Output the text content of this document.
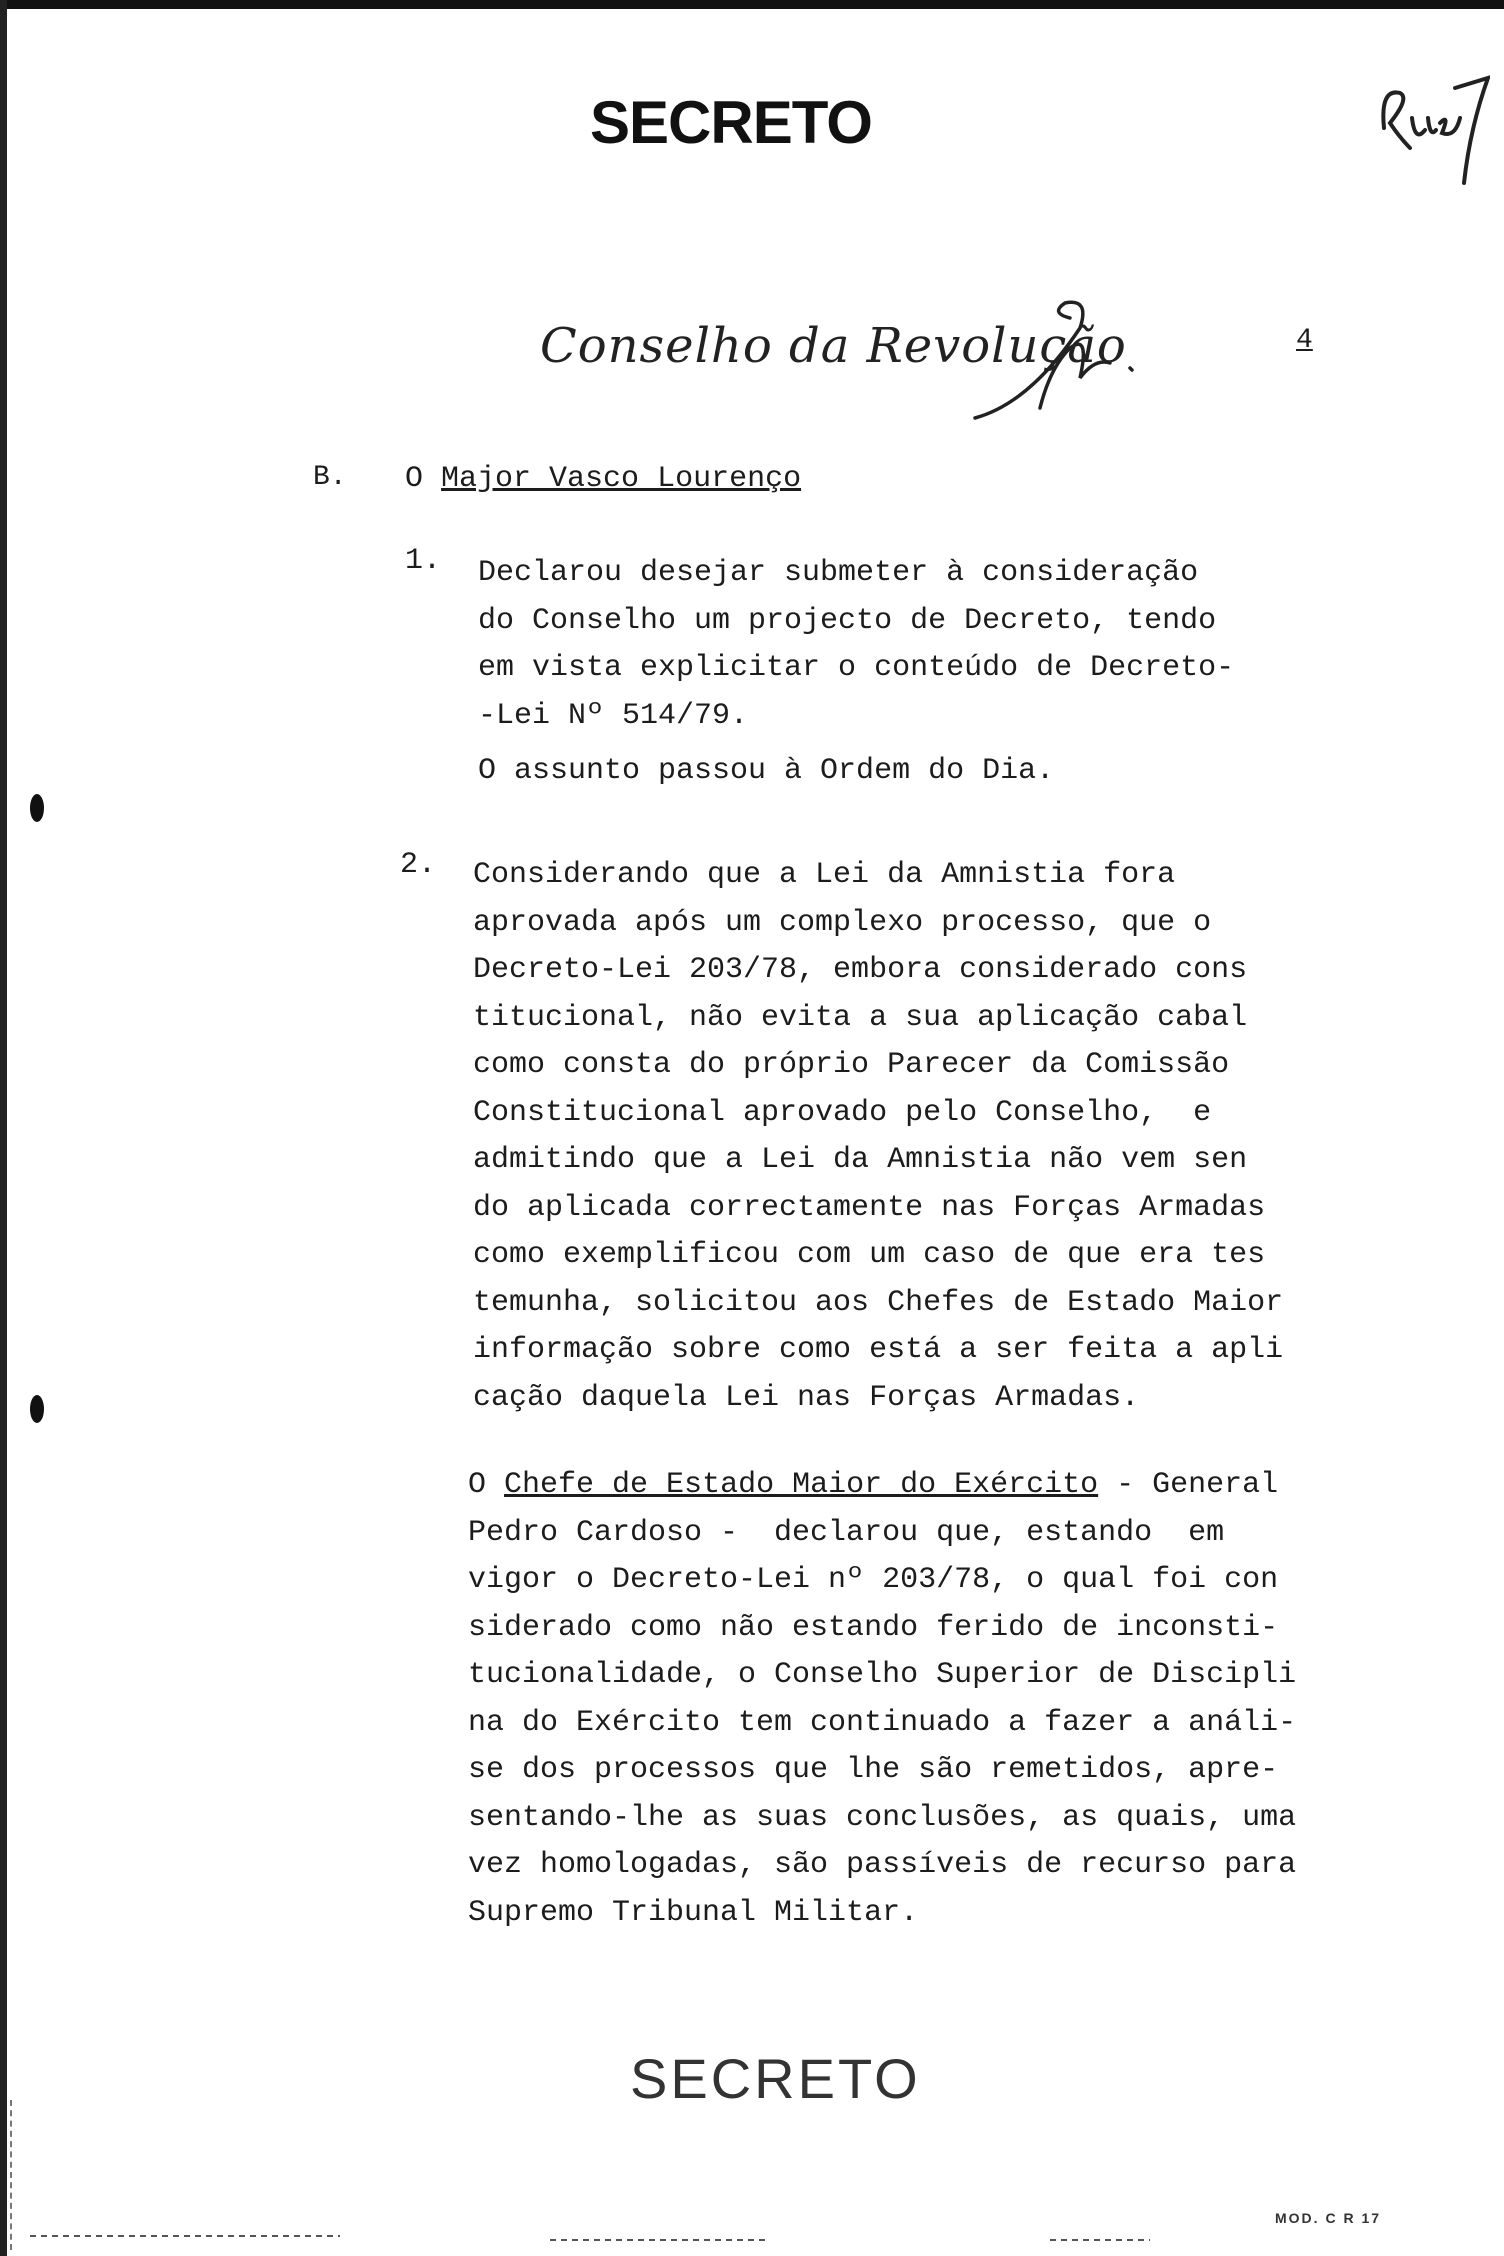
SECRETO
Conselho da Revolução	4
B. O Major Vasco Lourenço
1. Declarou desejar submeter à consideração
do Conselho um projecto de Decreto, tendo
em vista explicitar o conteúdo de Decreto-
-Lei Nº 514/79.
O assunto passou à Ordem do Dia.
2. Considerando que a Lei da Amnistia fora
aprovada após um complexo processo, que o
Decreto-Lei 203/78, embora considerado cons
titucional, não evita a sua aplicação cabal
como consta do próprio Parecer da Comissão
Constitucional aprovado pelo Conselho,  e
admitindo que a Lei da Amnistia não vem sen
do aplicada correctamente nas Forças Armadas
como exemplificou com um caso de que era tes
temunha, solicitou aos Chefes de Estado Maior
informação sobre como está a ser feita a apli
cação daquela Lei nas Forças Armadas.
O Chefe de Estado Maior do Exército - General
Pedro Cardoso -  declarou que, estando  em
vigor o Decreto-Lei nº 203/78, o qual foi con
siderado como não estando ferido de inconsti-
tucionalidade, o Conselho Superior de Discipli
na do Exército tem continuado a fazer a análi-
se dos processos que lhe são remetidos, apre-
sentando-lhe as suas conclusões, as quais, uma
vez homologadas, são passíveis de recurso para
Supremo Tribunal Militar.
SECRETO
MOD. C R 17
